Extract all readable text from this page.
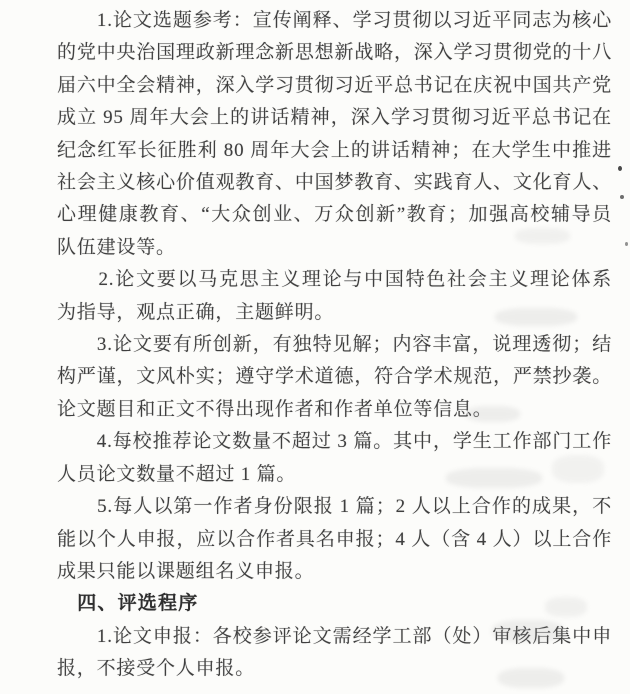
　　1.论文选题参考：宣传阐释、学习贯彻以习近平同志为核心
的党中央治国理政新理念新思想新战略，深入学习贯彻党的十八
届六中全会精神，深入学习贯彻习近平总书记在庆祝中国共产党
成立 95 周年大会上的讲话精神，深入学习贯彻习近平总书记在
纪念红军长征胜利 80 周年大会上的讲话精神；在大学生中推进
社会主义核心价值观教育、中国梦教育、实践育人、文化育人、
心理健康教育、“大众创业、万众创新”教育；加强高校辅导员
队伍建设等。
　　2.论文要以马克思主义理论与中国特色社会主义理论体系
为指导，观点正确，主题鲜明。
　　3.论文要有所创新，有独特见解；内容丰富，说理透彻；结
构严谨，文风朴实；遵守学术道德，符合学术规范，严禁抄袭。
论文题目和正文不得出现作者和作者单位等信息。
　　4.每校推荐论文数量不超过 3 篇。其中，学生工作部门工作
人员论文数量不超过 1 篇。
　　5.每人以第一作者身份限报 1 篇；2 人以上合作的成果，不
能以个人申报，应以合作者具名申报；4 人（含 4 人）以上合作
成果只能以课题组名义申报。
　四、评选程序
　　1.论文申报：各校参评论文需经学工部（处）审核后集中申
报，不接受个人申报。
